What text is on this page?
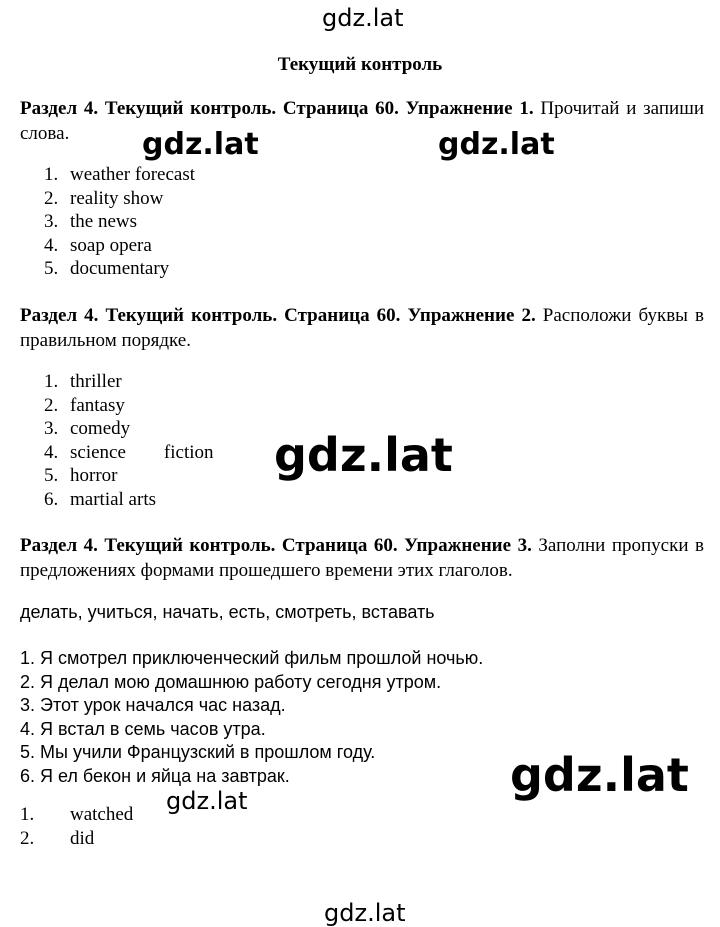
gdz.lat
gdz.lat	gdz.lat
gdz.lat
gdz.lat
gdz.lat
gdz.lat
Текущий контроль
Раздел 4. Текущий контроль. Страница 60. Упражнение 1. Прочитай и запиши слова.
1. weather forecast
2. reality show
3. the news
4. soap opera
5. documentary
Раздел 4. Текущий контроль. Страница 60. Упражнение 2. Расположи буквы в правильном порядке.
1. thriller
2. fantasy
3. comedy
4. science        fiction
5. horror
6. martial arts
Раздел 4. Текущий контроль. Страница 60. Упражнение 3. Заполни пропуски в предложениях формами прошедшего времени этих глаголов.
делать, учиться, начать, есть, смотреть, вставать
1. Я смотрел приключенческий фильм прошлой ночью.
2. Я делал мою домашнюю работу сегодня утром.
3. Этот урок начался час назад.
4. Я встал в семь часов утра.
5. Мы учили Французский в прошлом году.
6. Я ел бекон и яйца на завтрак.
1.	watched
2.	did
